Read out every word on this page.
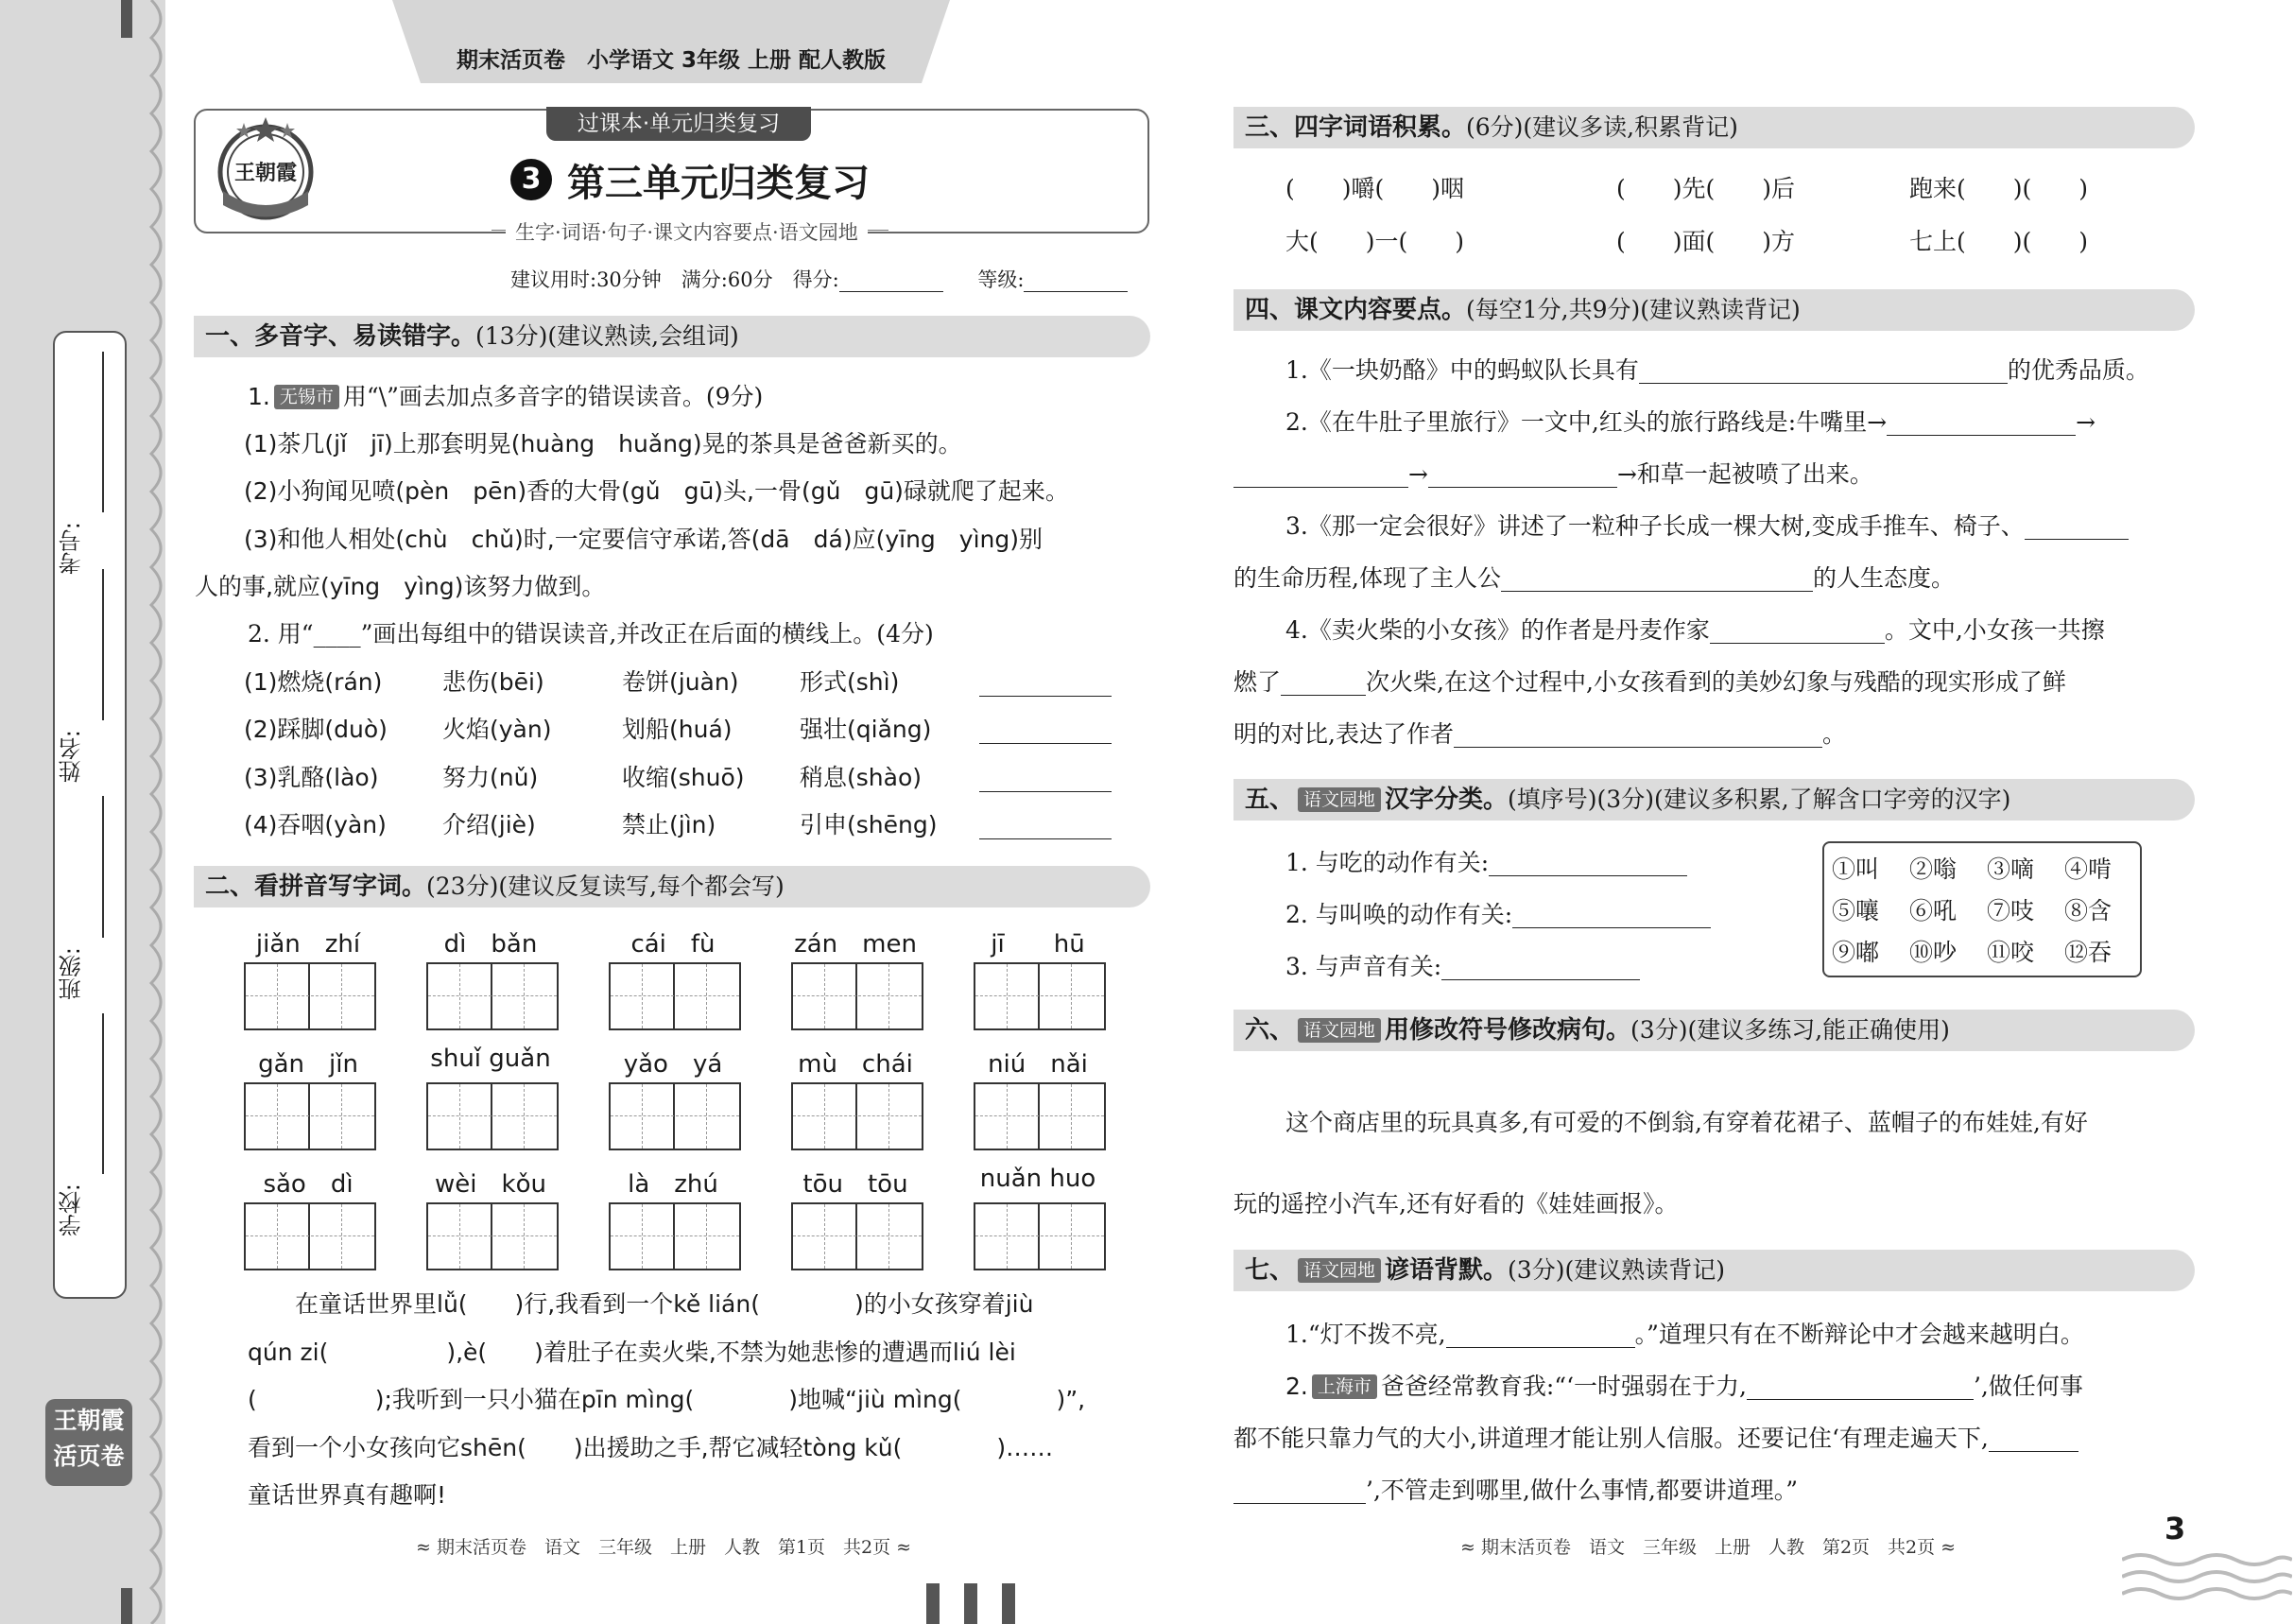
考号:
姓名:
班级:
学校:
王朝霞
活页卷
期末活页卷　小学语文 3年级 上册 配人教版
过课本·单元归类复习
王朝霞	3 第三单元归类复习
生字·词语·句子·课文内容要点·语文园地
建议用时:30分钟　满分:60分　得分:	等级:
一、多音字、易读错字。(13分)(建议熟读,会组词)
1. 无锡市 用“\”画去加点多音字的错误读音。(9分)
(1)茶几(jǐ　jī)上那套明晃(huàng　huǎng)晃的茶具是爸爸新买的。
(2)小狗闻见喷(pèn　pēn)香的大骨(gǔ　gū)头,一骨(gǔ　gū)碌就爬了起来。
(3)和他人相处(chù　chǔ)时,一定要信守承诺,答(dā　dá)应(yīng　yìng)别
人的事,就应(yīng　yìng)该努力做到。
2. 用“____”画出每组中的错误读音,并改正在后面的横线上。(4分)
(1)燃烧(rán)	悲伤(bēi)	卷饼(juàn)	形式(shì)
(2)踩脚(duò) 火焰(yàn)	划船(huá)	强壮(qiǎng)
(3)乳酪(lào)	努力(nǔ)	收缩(shuō) 稍息(shào)
(4)吞咽(yàn) 介绍(jiè)	禁止(jìn)	引申(shēng)
二、看拼音写字词。(23分)(建议反复读写,每个都会写)
jiǎn　zhí	dì　bǎn	cái　fù	zán　men	jī　　hū
gǎn　jǐn	shuǐ guǎn	yǎo　yá	mù　chái	niú　nǎi
sǎo　dì	wèi　kǒu	là　zhú	tōu　tōu	nuǎn huo
　　在童话世界里lǚ(　　)行,我看到一个kě lián(　　　　)的小女孩穿着jiù
qún zi(　　　　　),è(　　)着肚子在卖火柴,不禁为她悲惨的遭遇而liú lèi
(　　　　　);我听到一只小猫在pīn mìng(　　　　)地喊“jiù mìng(　　　　)”,
看到一个小女孩向它shēn(　　)出援助之手,帮它减轻tòng kǔ(　　　　)……
童话世界真有趣啊!
≈ 期末活页卷　语文　三年级　上册　人教　第1页　共2页 ≈
三、四字词语积累。(6分)(建议多读,积累背记)
(　　)嚼(　　)咽	(　　)先(　　)后	跑来(　　)(　　)
大(　　)一(　　)	(　　)面(　　)方	七上(　　)(　　)
四、课文内容要点。(每空1分,共9分)(建议熟读背记)
1.《一块奶酪》中的蚂蚁队长具有	的优秀品质。
2.《在牛肚子里旅行》一文中,红头的旅行路线是:牛嘴里→	→
→	→和草一起被喷了出来。
3.《那一定会很好》讲述了一粒种子长成一棵大树,变成手推车、椅子、
的生命历程,体现了主人公	的人生态度。
4.《卖火柴的小女孩》的作者是丹麦作家	。文中,小女孩一共擦
燃了	次火柴,在这个过程中,小女孩看到的美妙幻象与残酷的现实形成了鲜
明的对比,表达了作者	。
五、 语文园地 汉字分类。(填序号)(3分)(建议多积累,了解含口字旁的汉字)
1. 与吃的动作有关:
2. 与叫唤的动作有关:
3. 与声音有关:
①叫 ②嗡 ③嘀 ④啃
⑤嚷 ⑥吼 ⑦吱 ⑧含
⑨嘟 ⑩吵 ⑪咬 ⑫吞
六、 语文园地 用修改符号修改病句。(3分)(建议多练习,能正确使用)
这个商店里的玩具真多,有可爱的不倒翁,有穿着花裙子、蓝帽子的布娃娃,有好
玩的遥控小汽车,还有好看的《娃娃画报》。
七、 语文园地 谚语背默。(3分)(建议熟读背记)
1.“灯不拨不亮,	。”道理只有在不断辩论中才会越来越明白。
2. 上海市 爸爸经常教育我:“‘一时强弱在于力,	’,做任何事
都不能只靠力气的大小,讲道理才能让别人信服。还要记住‘有理走遍天下,
’,不管走到哪里,做什么事情,都要讲道理。”
≈ 期末活页卷　语文　三年级　上册　人教　第2页　共2页 ≈
3
